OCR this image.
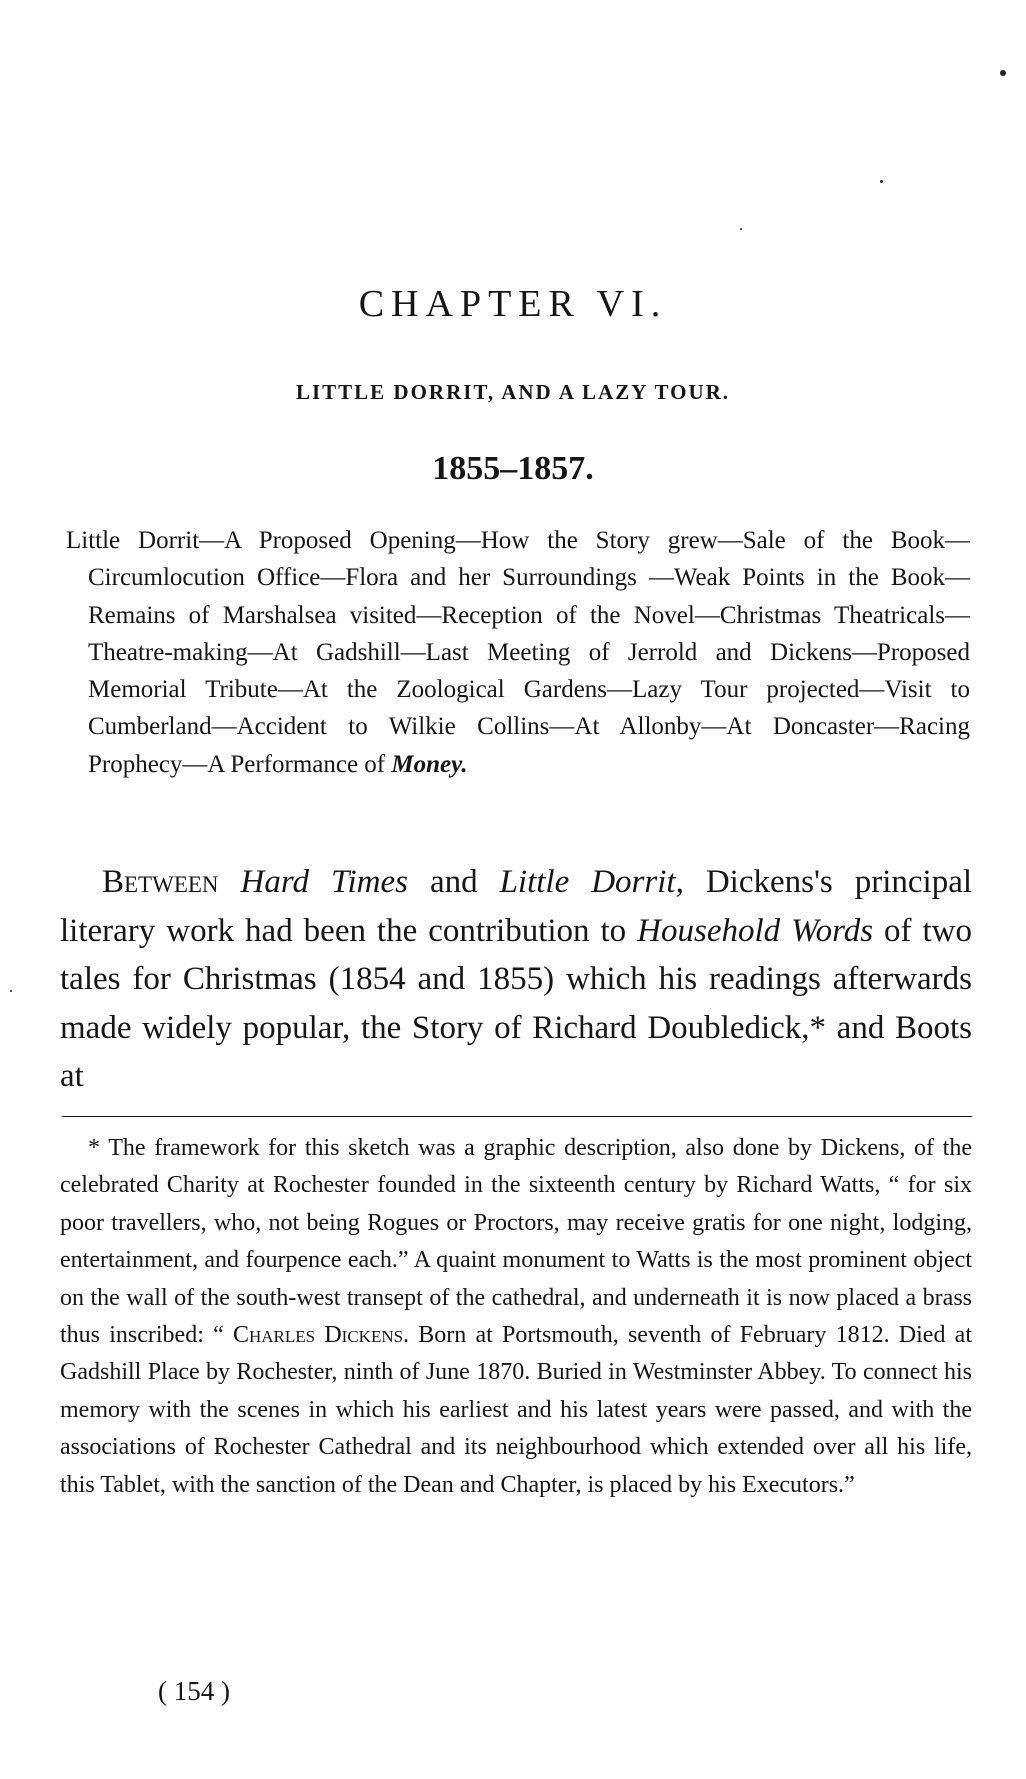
CHAPTER VI.
LITTLE DORRIT, AND A LAZY TOUR.
1855–1857.

Little Dorrit—A Proposed Opening—How the Story grew—Sale of the Book—Circumlocution Office—Flora and her Surroundings —Weak Points in the Book—Remains of Marshalsea visited—Reception of the Novel—Christmas Theatricals—Theatre-making—At Gadshill—Last Meeting of Jerrold and Dickens—Proposed Memorial Tribute—At the Zoological Gardens—Lazy Tour projected—Visit to Cumberland—Accident to Wilkie Collins—At Allonby—At Doncaster—Racing Prophecy—A Performance of Money.

Between Hard Times and Little Dorrit, Dickens's principal literary work had been the contribution to Household Words of two tales for Christmas (1854 and 1855) which his readings afterwards made widely popular, the Story of Richard Doubledick,* and Boots at

* The framework for this sketch was a graphic description, also done by Dickens, of the celebrated Charity at Rochester founded in the sixteenth century by Richard Watts, “ for six poor travellers, who, not being Rogues or Proctors, may receive gratis for one night, lodging, entertainment, and fourpence each.” A quaint monument to Watts is the most prominent object on the wall of the south-west transept of the cathedral, and underneath it is now placed a brass thus inscribed: “ Charles Dickens. Born at Portsmouth, seventh of February 1812. Died at Gadshill Place by Rochester, ninth of June 1870. Buried in Westminster Abbey. To connect his memory with the scenes in which his earliest and his latest years were passed, and with the associations of Rochester Cathedral and its neighbourhood which extended over all his life, this Tablet, with the sanction of the Dean and Chapter, is placed by his Executors.”

( 154 )
